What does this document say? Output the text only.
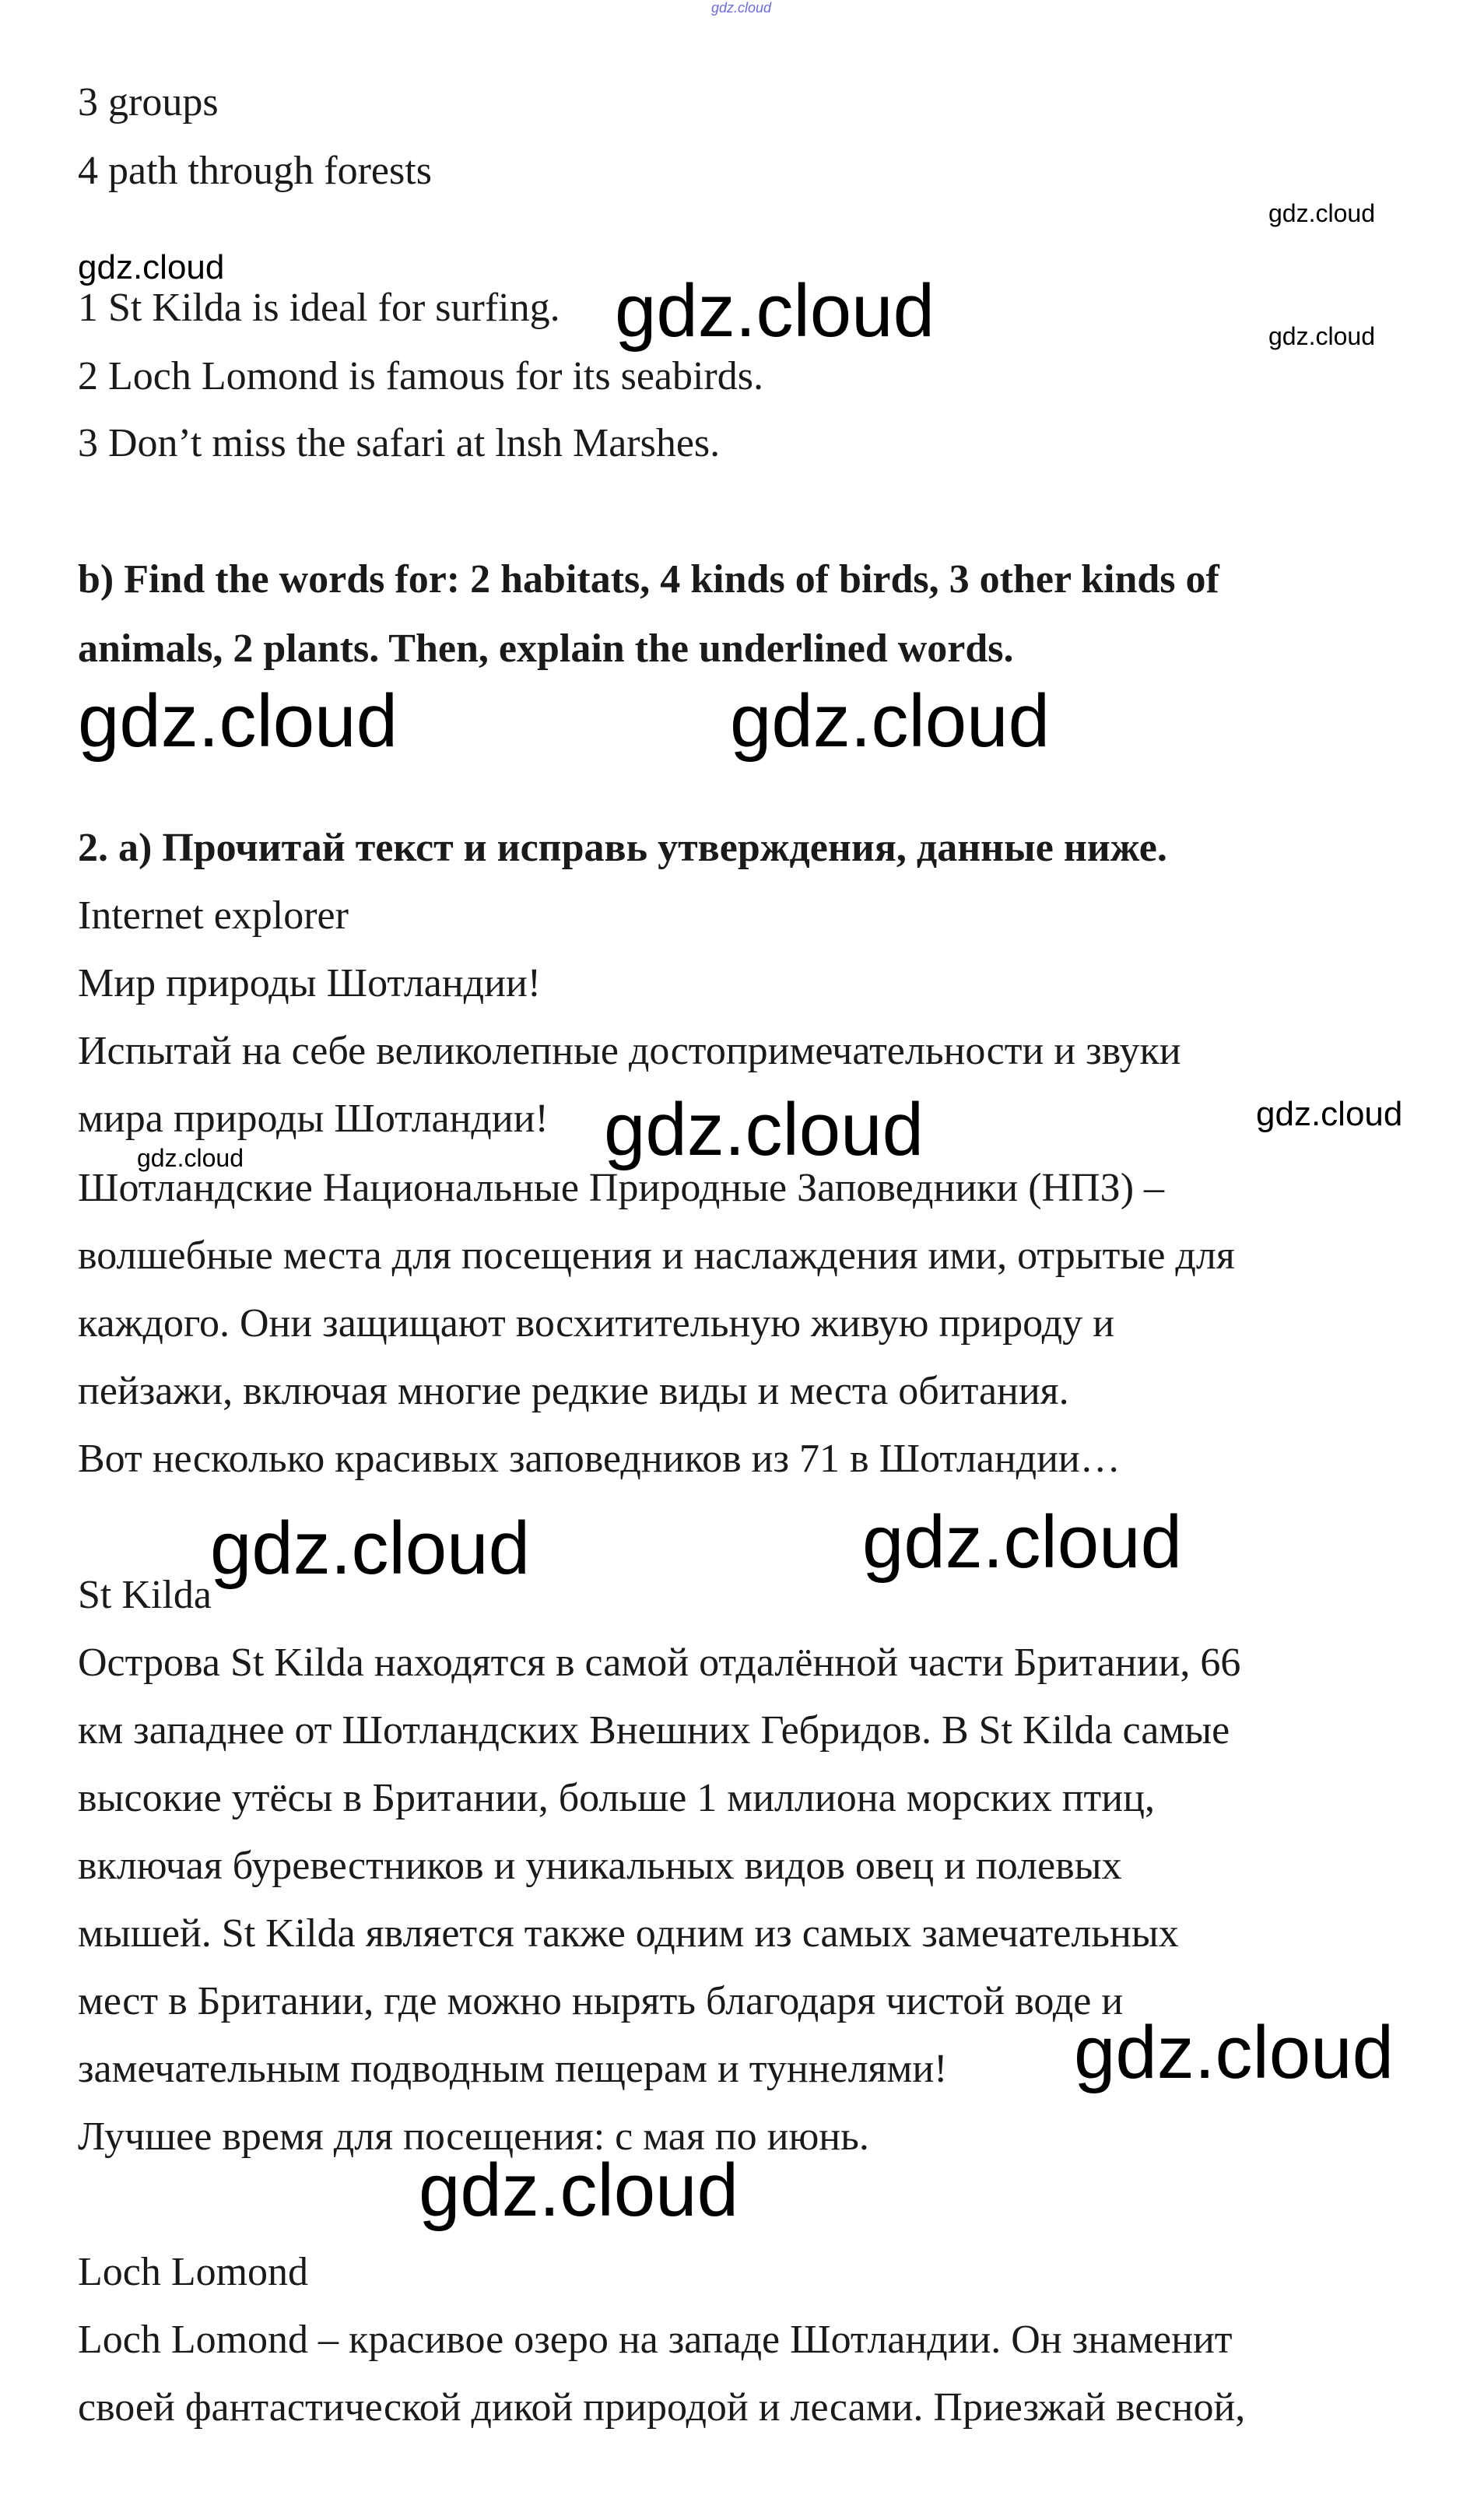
gdz.cloud
3 groups
4 path through forests
gdz.cloud
gdz.cloud
1 St Kilda is ideal for surfing. gdz.cloud	gdz.cloud
2 Loch Lomond is famous for its seabirds.
3 Don’t miss the safari at lnsh Marshes.
b) Find the words for: 2 habitats, 4 kinds of birds, 3 other kinds of
animals, 2 plants. Then, explain the underlined words.
gdz.cloud	gdz.cloud
2. а) Прочитай текст и исправь утверждения, данные ниже.
Internet explorer
Мир природы Шотландии!
Испытай на себе великолепные достопримечательности и звуки
мира природы Шотландии! gdz.cloud	gdz.cloud
gdz.cloud
Шотландские Национальные Природные Заповедники (НПЗ) –
волшебные места для посещения и наслаждения ими, отрытые для
каждого. Они защищают восхитительную живую природу и
пейзажи, включая многие редкие виды и места обитания.
Вот несколько красивых заповедников из 71 в Шотландии…
gdz.cloud	gdz.cloud
St Kilda
Острова St Kilda находятся в самой отдалённой части Британии, 66
км западнее от Шотландских Внешних Гебридов. В St Kilda самые
высокие утёсы в Британии, больше 1 миллиона морских птиц,
включая буревестников и уникальных видов овец и полевых
мышей. St Kilda является также одним из самых замечательных
мест в Британии, где можно нырять благодаря чистой воде и
замечательным подводным пещерам и туннелями! gdz.cloud
Лучшее время для посещения: с мая по июнь.
gdz.cloud
Loch Lomond
Loch Lomond – красивое озеро на западе Шотландии. Он знаменит
своей фантастической дикой природой и лесами. Приезжай весной,
